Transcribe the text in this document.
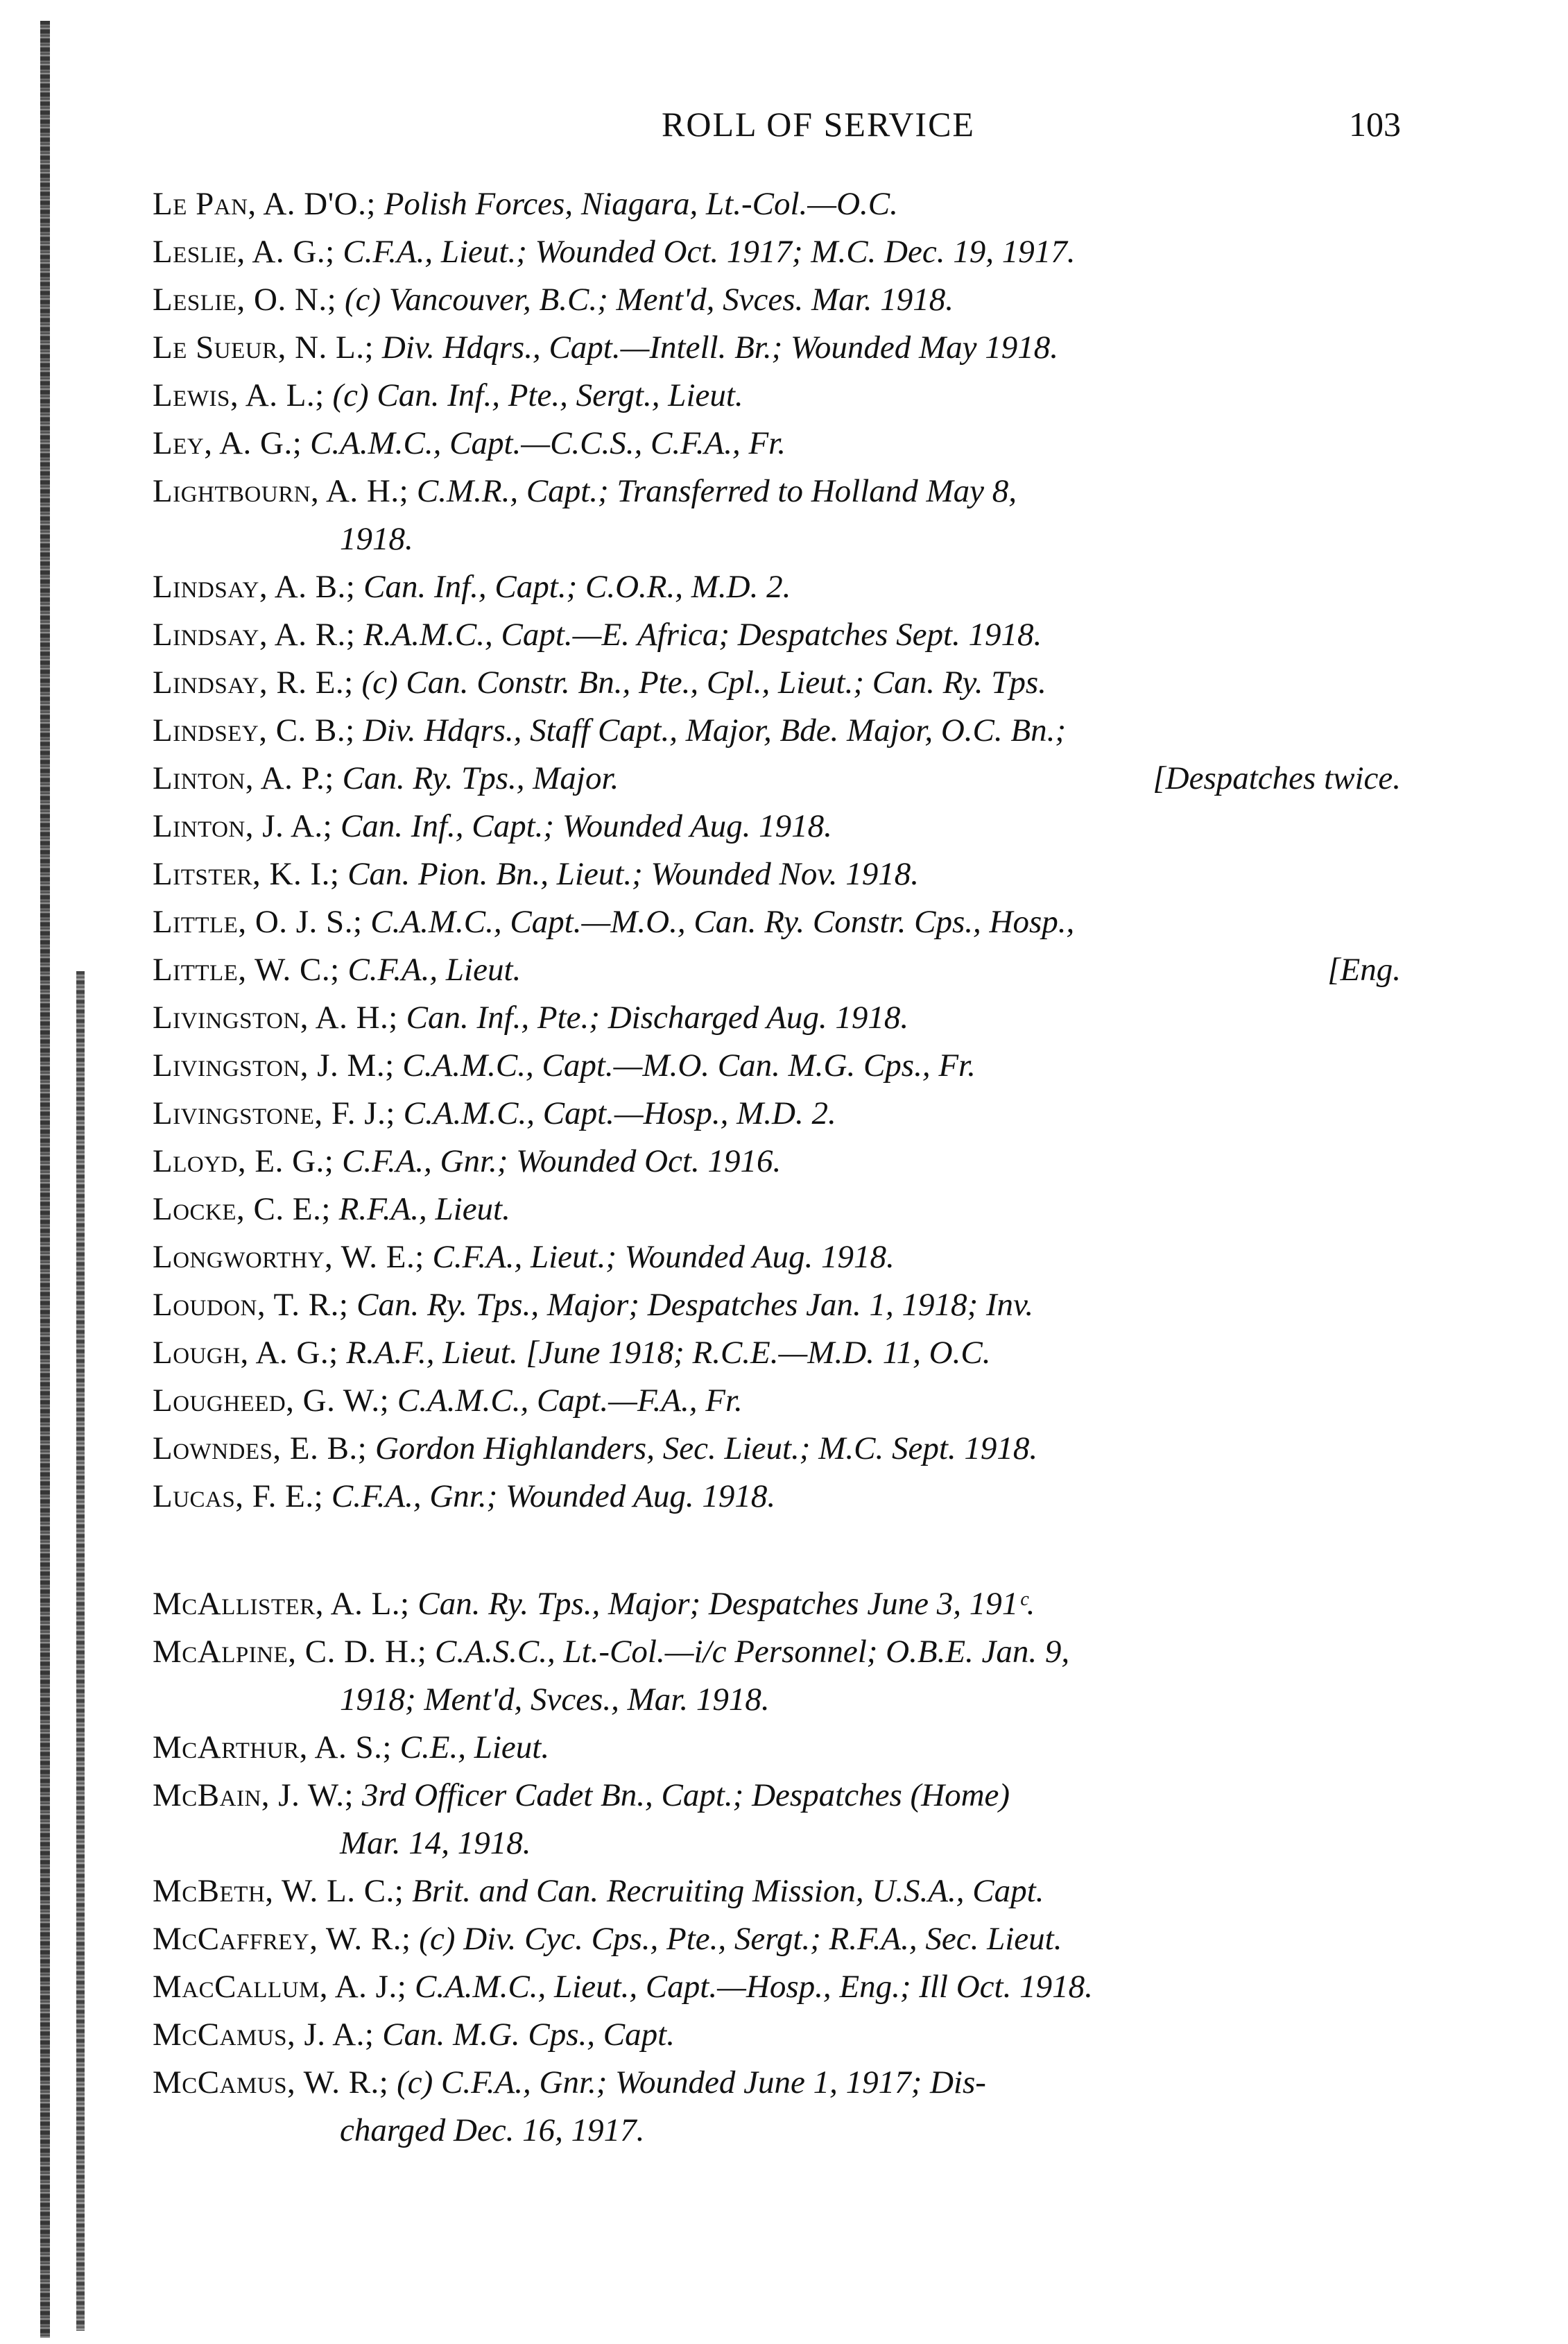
ROLL OF SERVICE	103
Le Pan, A. D'O.; Polish Forces, Niagara, Lt.-Col.—O.C.
Leslie, A. G.; C.F.A., Lieut.; Wounded Oct. 1917; M.C. Dec. 19, 1917.
Leslie, O. N.; (c) Vancouver, B.C.; Ment'd, Svces. Mar. 1918.
Le Sueur, N. L.; Div. Hdqrs., Capt.—Intell. Br.; Wounded May 1918.
Lewis, A. L.; (c) Can. Inf., Pte., Sergt., Lieut.
Ley, A. G.; C.A.M.C., Capt.—C.C.S., C.F.A., Fr.
Lightbourn, A. H.; C.M.R., Capt.; Transferred to Holland May 8,
1918.
Lindsay, A. B.; Can. Inf., Capt.; C.O.R., M.D. 2.
Lindsay, A. R.; R.A.M.C., Capt.—E. Africa; Despatches Sept. 1918.
Lindsay, R. E.; (c) Can. Constr. Bn., Pte., Cpl., Lieut.; Can. Ry. Tps.
Lindsey, C. B.; Div. Hdqrs., Staff Capt., Major, Bde. Major, O.C. Bn.;
Linton, A. P.; Can. Ry. Tps., Major.	[Despatches twice.
Linton, J. A.; Can. Inf., Capt.; Wounded Aug. 1918.
Litster, K. I.; Can. Pion. Bn., Lieut.; Wounded Nov. 1918.
Little, O. J. S.; C.A.M.C., Capt.—M.O., Can. Ry. Constr. Cps., Hosp.,
Little, W. C.; C.F.A., Lieut.	[Eng.
Livingston, A. H.; Can. Inf., Pte.; Discharged Aug. 1918.
Livingston, J. M.; C.A.M.C., Capt.—M.O. Can. M.G. Cps., Fr.
Livingstone, F. J.; C.A.M.C., Capt.—Hosp., M.D. 2.
Lloyd, E. G.; C.F.A., Gnr.; Wounded Oct. 1916.
Locke, C. E.; R.F.A., Lieut.
Longworthy, W. E.; C.F.A., Lieut.; Wounded Aug. 1918.
Loudon, T. R.; Can. Ry. Tps., Major; Despatches Jan. 1, 1918; Inv.
Lough, A. G.; R.A.F., Lieut. [June 1918; R.C.E.—M.D. 11, O.C.
Lougheed, G. W.; C.A.M.C., Capt.—F.A., Fr.
Lowndes, E. B.; Gordon Highlanders, Sec. Lieut.; M.C. Sept. 1918.
Lucas, F. E.; C.F.A., Gnr.; Wounded Aug. 1918.
McAllister, A. L.; Can. Ry. Tps., Major; Despatches June 3, 191ᶜ.
McAlpine, C. D. H.; C.A.S.C., Lt.-Col.—i/c Personnel; O.B.E. Jan. 9,
1918; Ment'd, Svces., Mar. 1918.
McArthur, A. S.; C.E., Lieut.
McBain, J. W.; 3rd Officer Cadet Bn., Capt.; Despatches (Home)
Mar. 14, 1918.
McBeth, W. L. C.; Brit. and Can. Recruiting Mission, U.S.A., Capt.
McCaffrey, W. R.; (c) Div. Cyc. Cps., Pte., Sergt.; R.F.A., Sec. Lieut.
MacCallum, A. J.; C.A.M.C., Lieut., Capt.—Hosp., Eng.; Ill Oct. 1918.
McCamus, J. A.; Can. M.G. Cps., Capt.
McCamus, W. R.; (c) C.F.A., Gnr.; Wounded June 1, 1917; Dis-
charged Dec. 16, 1917.
